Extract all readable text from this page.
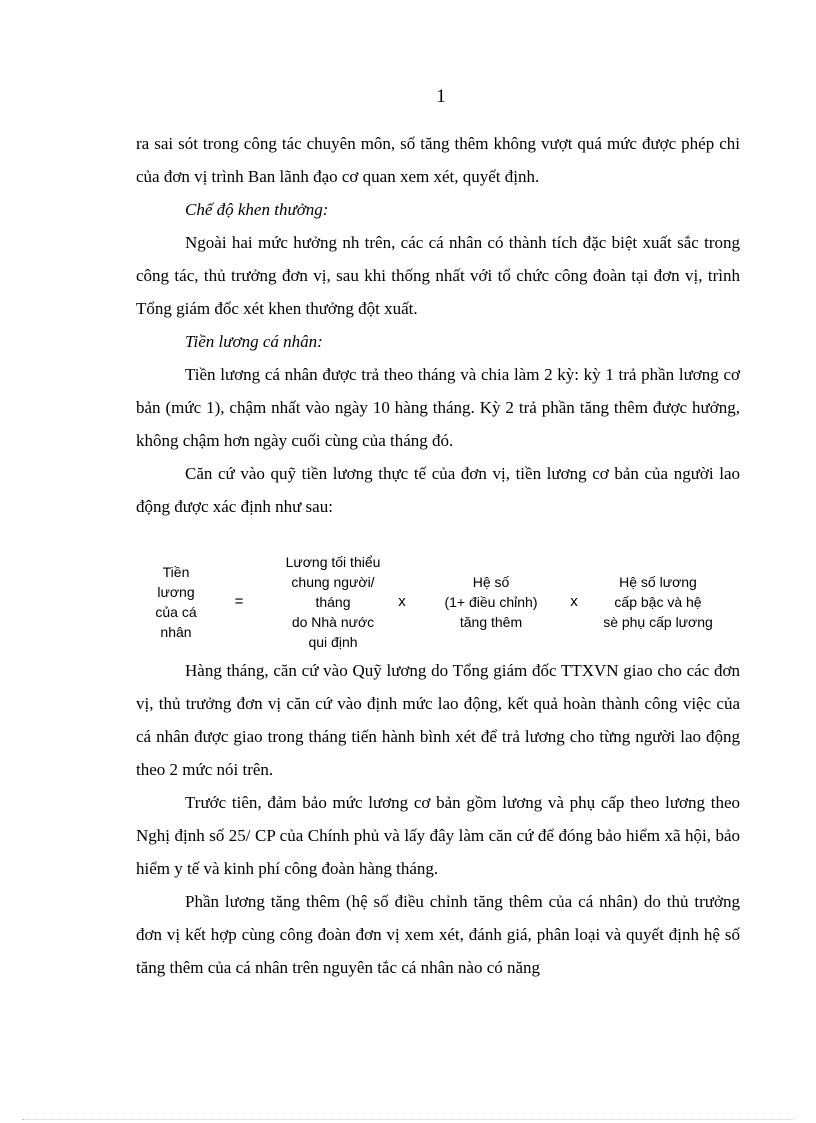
1

ra sai sót trong công tác chuyên môn, số tăng thêm không vượt quá mức được phép chi của đơn vị trình Ban lãnh đạo cơ quan xem xét, quyết định.

Chế độ khen thưởng:

Ngoài hai mức hưởng nh trên, các cá nhân có thành tích đặc biệt xuất sắc trong công tác, thủ trưởng đơn vị, sau khi thống nhất với tổ chức công đoàn tại đơn vị, trình Tổng giám đốc xét khen thưởng đột xuất.

Tiền lương cá nhân:

Tiền lương cá nhân được trả theo tháng và chia làm 2 kỳ: kỳ 1 trả phần lương cơ bản (mức 1), chậm nhất vào ngày 10 hàng tháng. Kỳ 2 trả phần tăng thêm được hưởng, không chậm hơn ngày cuối cùng của tháng đó.

Căn cứ vào quỹ tiền lương thực tế của đơn vị, tiền lương cơ bản của người lao động được xác định như sau:

Tiền
lương
của cá
nhân
=
Lương tối thiểu
chung người/
tháng
do Nhà nước
qui định
x
Hệ số
(1+ điều chỉnh)
tăng thêm
x
Hệ số lương
cấp bậc và hệ
sè phụ cấp lương

Hàng tháng, căn cứ vào Quỹ lương do Tổng giám đốc TTXVN giao cho các đơn vị, thủ trưởng đơn vị căn cứ vào định mức lao động, kết quả hoàn thành công việc của cá nhân được giao trong tháng tiến hành bình xét để trả lương cho từng người lao động theo 2 mức nói trên.

Trước tiên, đảm bảo mức lương cơ bản gồm lương và phụ cấp theo lương theo Nghị định số 25/ CP của Chính phủ và lấy đây làm căn cứ để đóng bảo hiểm xã hội, bảo hiểm y tế và kinh phí công đoàn hàng tháng.

Phần lương tăng thêm (hệ số điều chỉnh tăng thêm của cá nhân) do thủ trưởng đơn vị kết hợp cùng công đoàn đơn vị xem xét, đánh giá, phân loại và quyết định hệ số tăng thêm của cá nhân trên nguyên tắc cá nhân nào có năng
